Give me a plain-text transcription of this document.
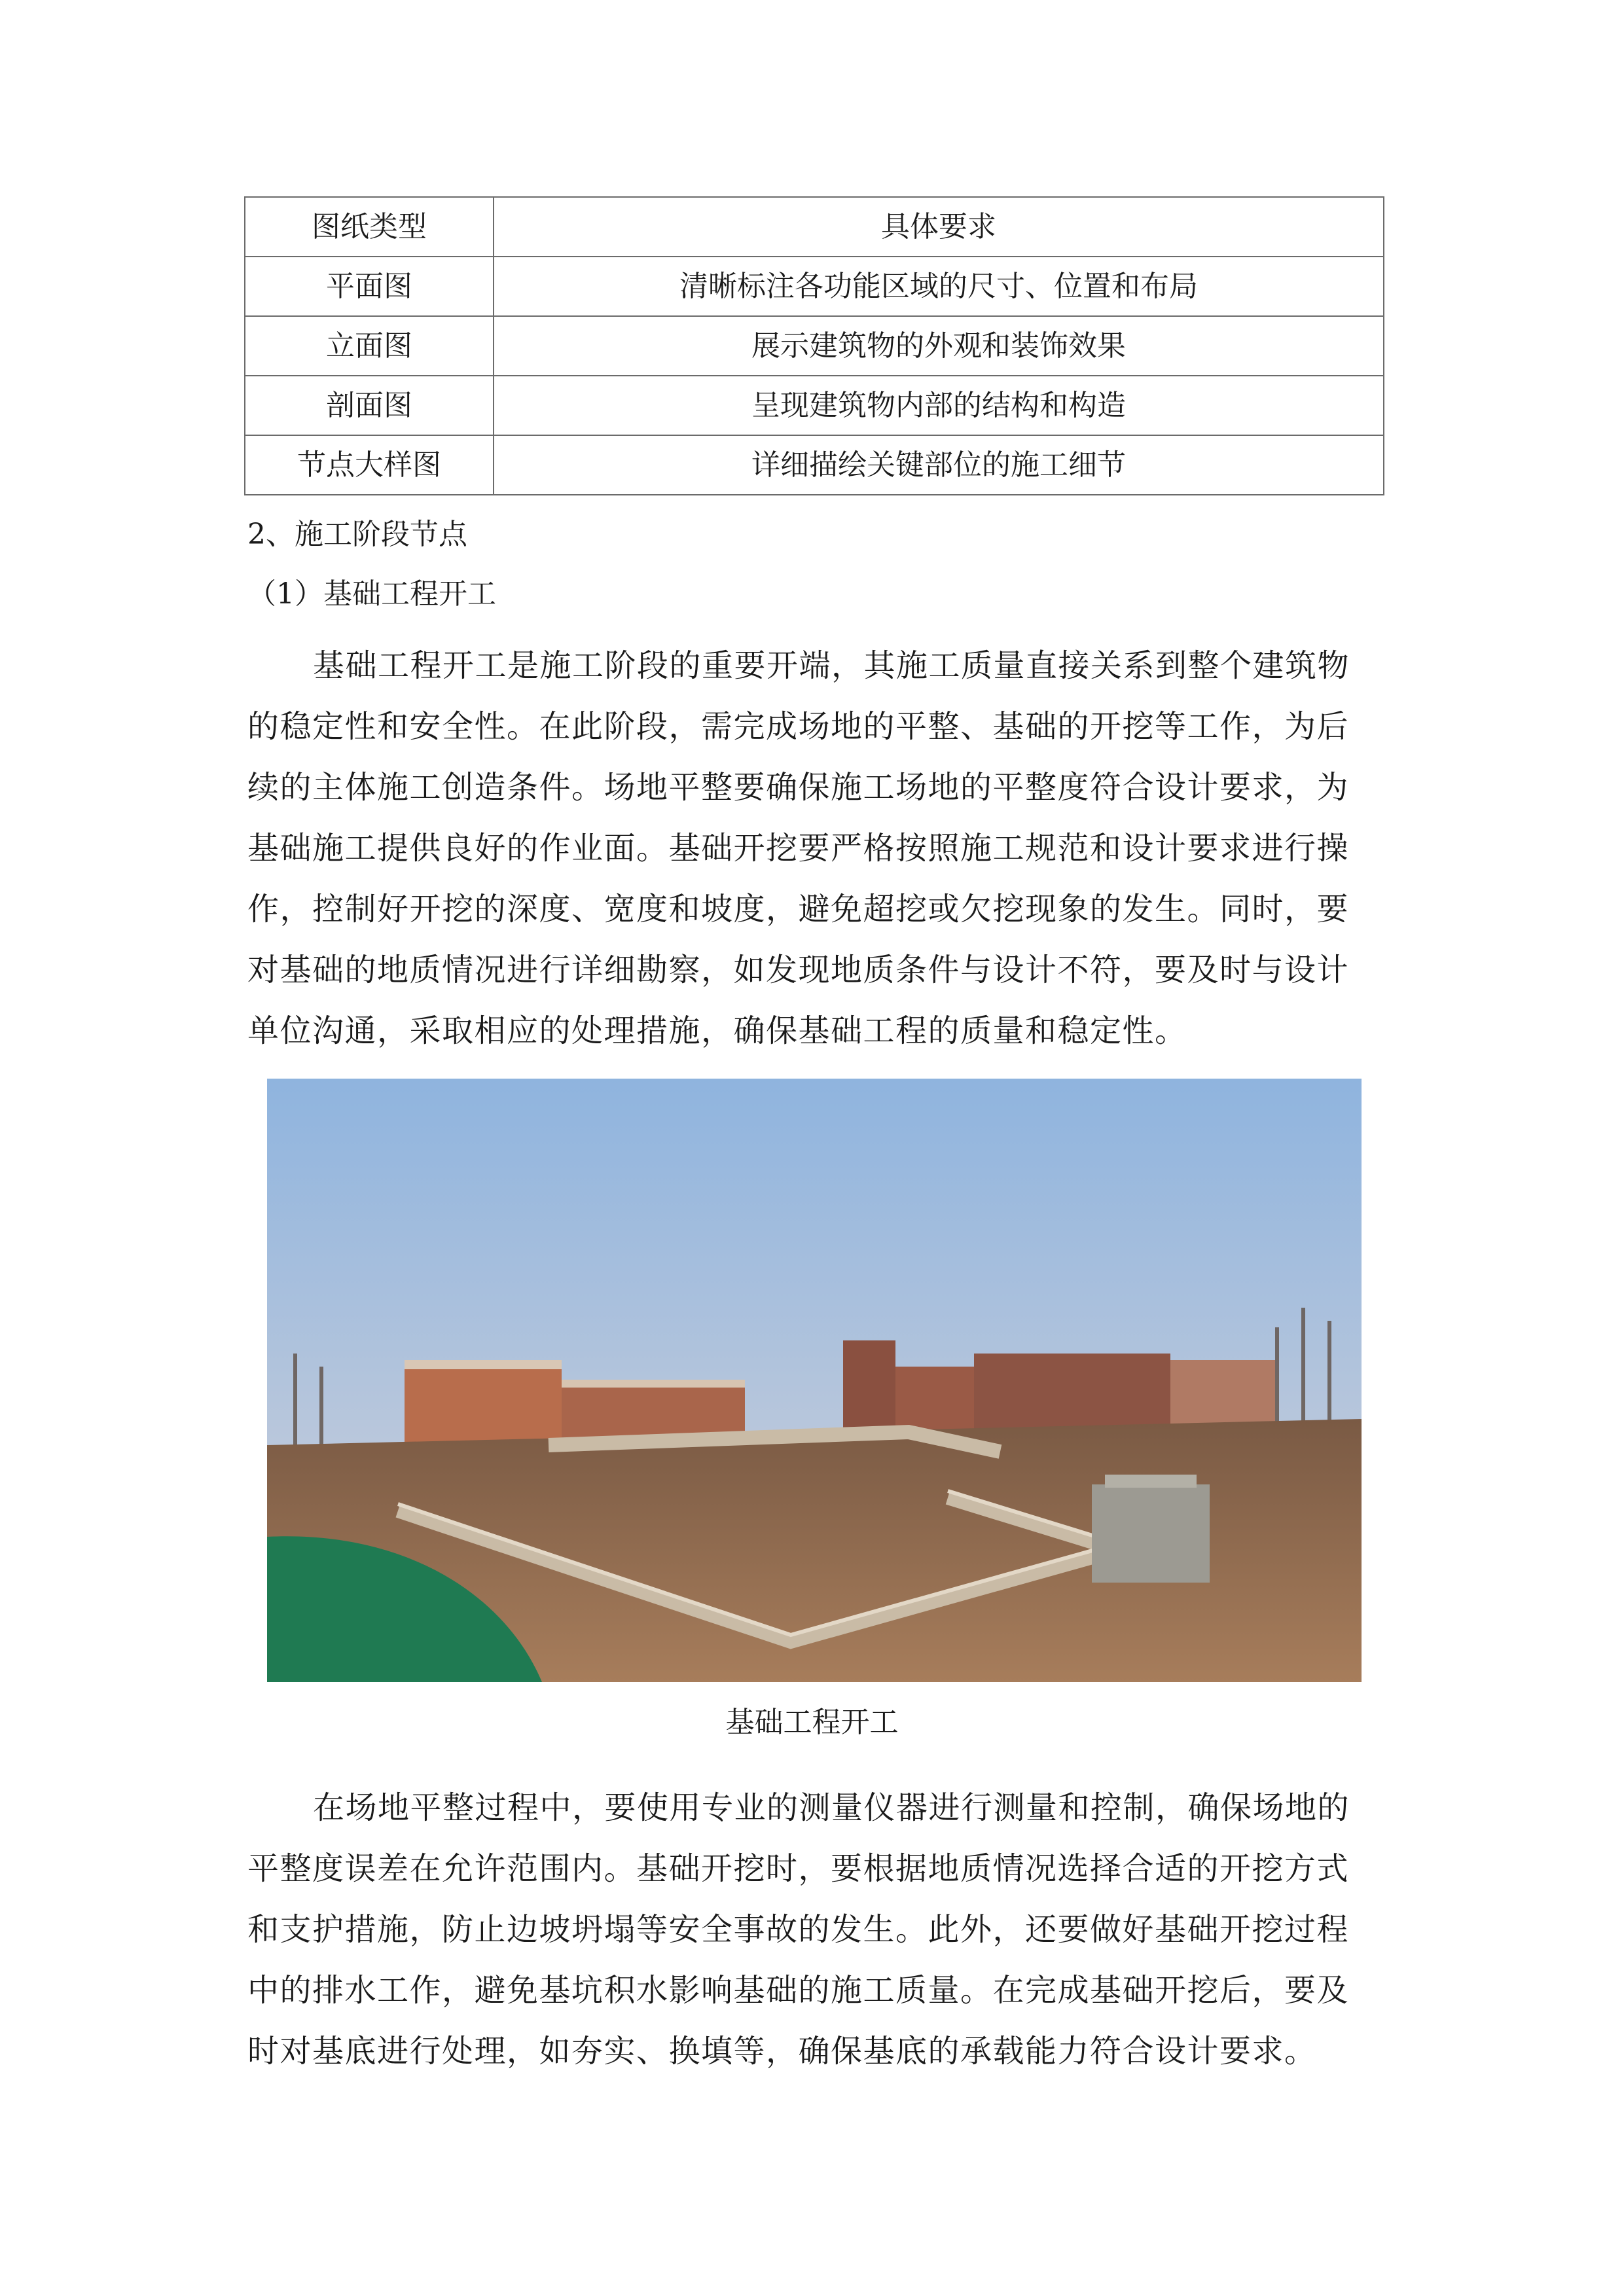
图纸类型	具体要求
平面图	清晰标注各功能区域的尺寸、位置和布局
立面图	展示建筑物的外观和装饰效果
剖面图	呈现建筑物内部的结构和构造
节点大样图	详细描绘关键部位的施工细节
2、施工阶段节点
（1）基础工程开工
基础工程开工是施工阶段的重要开端，其施工质量直接关系到整个建筑物
的稳定性和安全性。在此阶段，需完成场地的平整、基础的开挖等工作，为后
续的主体施工创造条件。场地平整要确保施工场地的平整度符合设计要求，为
基础施工提供良好的作业面。基础开挖要严格按照施工规范和设计要求进行操
作，控制好开挖的深度、宽度和坡度，避免超挖或欠挖现象的发生。同时，要
对基础的地质情况进行详细勘察，如发现地质条件与设计不符，要及时与设计
单位沟通，采取相应的处理措施，确保基础工程的质量和稳定性。
基础工程开工
在场地平整过程中，要使用专业的测量仪器进行测量和控制，确保场地的
平整度误差在允许范围内。基础开挖时，要根据地质情况选择合适的开挖方式
和支护措施，防止边坡坍塌等安全事故的发生。此外，还要做好基础开挖过程
中的排水工作，避免基坑积水影响基础的施工质量。在完成基础开挖后，要及
时对基底进行处理，如夯实、换填等，确保基底的承载能力符合设计要求。
